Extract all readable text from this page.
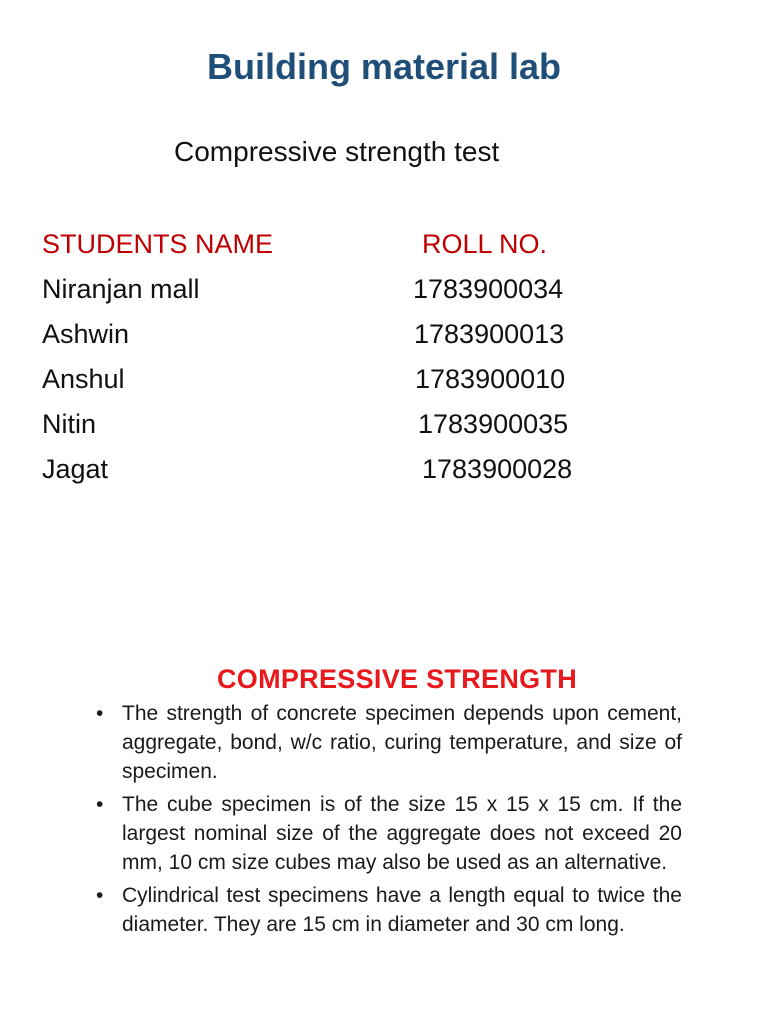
Building material lab

Compressive strength test

STUDENTS NAME	ROLL NO.
Niranjan mall	1783900034
Ashwin	1783900013
Anshul	1783900010
Nitin	1783900035
Jagat	1783900028
COMPRESSIVE STRENGTH
• The strength of concrete specimen depends upon cement, aggregate, bond, w/c ratio, curing temperature, and size of specimen.
• The cube specimen is of the size 15 x 15 x 15 cm. If the largest nominal size of the aggregate does not exceed 20 mm, 10 cm size cubes may also be used as an alternative.
• Cylindrical test specimens have a length equal to twice the diameter. They are 15 cm in diameter and 30 cm long.
